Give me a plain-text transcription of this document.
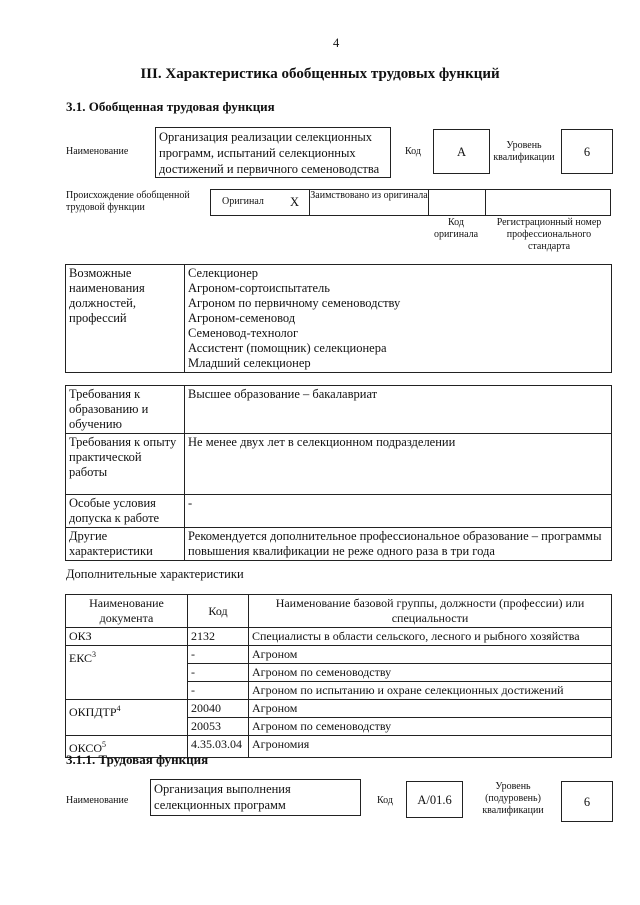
4
III. Характеристика обобщенных трудовых функций
3.1. Обобщенная трудовая функция
Наименование
Организация реализации селекционных программ, испытаний селекционных достижений и первичного семеноводства
Код	А	Уровень квалификации	6
Происхождение обобщенной трудовой функции
Оригинал X Заимствовано из оригинала
Код оригинала
Регистрационный номер профессионального стандарта
Возможные наименования должностей, профессий	
Селекционер
Агроном-сортоиспытатель
Агроном по первичному семеноводству
Агроном-семеновод
Семеновод-технолог
Ассистент (помощник) селекционера
Младший селекционер
Требования к образованию и обучению	Высшее образование – бакалавриат
Требования к опыту практической работы	Не менее двух лет в селекционном подразделении
Особые условия допуска к работе	-
Другие характеристики	Рекомендуется дополнительное профессиональное образование – программы повышения квалификации не реже одного раза в три года
Дополнительные характеристики
Наименование документа	Код	Наименование базовой группы, должности (профессии) или специальности
ОКЗ	2132	Специалисты в области сельского, лесного и рыбного хозяйства
ЕКС$^3$	-	Агроном
	-	Агроном по семеноводству
	-	Агроном по испытанию и охране селекционных достижений
ОКПДТР$^4$	20040	Агроном
	20053	Агроном по семеноводству
ОКСО$^5$	4.35.03.04	Агрономия
3.1.1. Трудовая функция
Наименование
Организация выполнения селекционных программ	Код	A/01.6
Уровень (подуровень) квалификации
6
